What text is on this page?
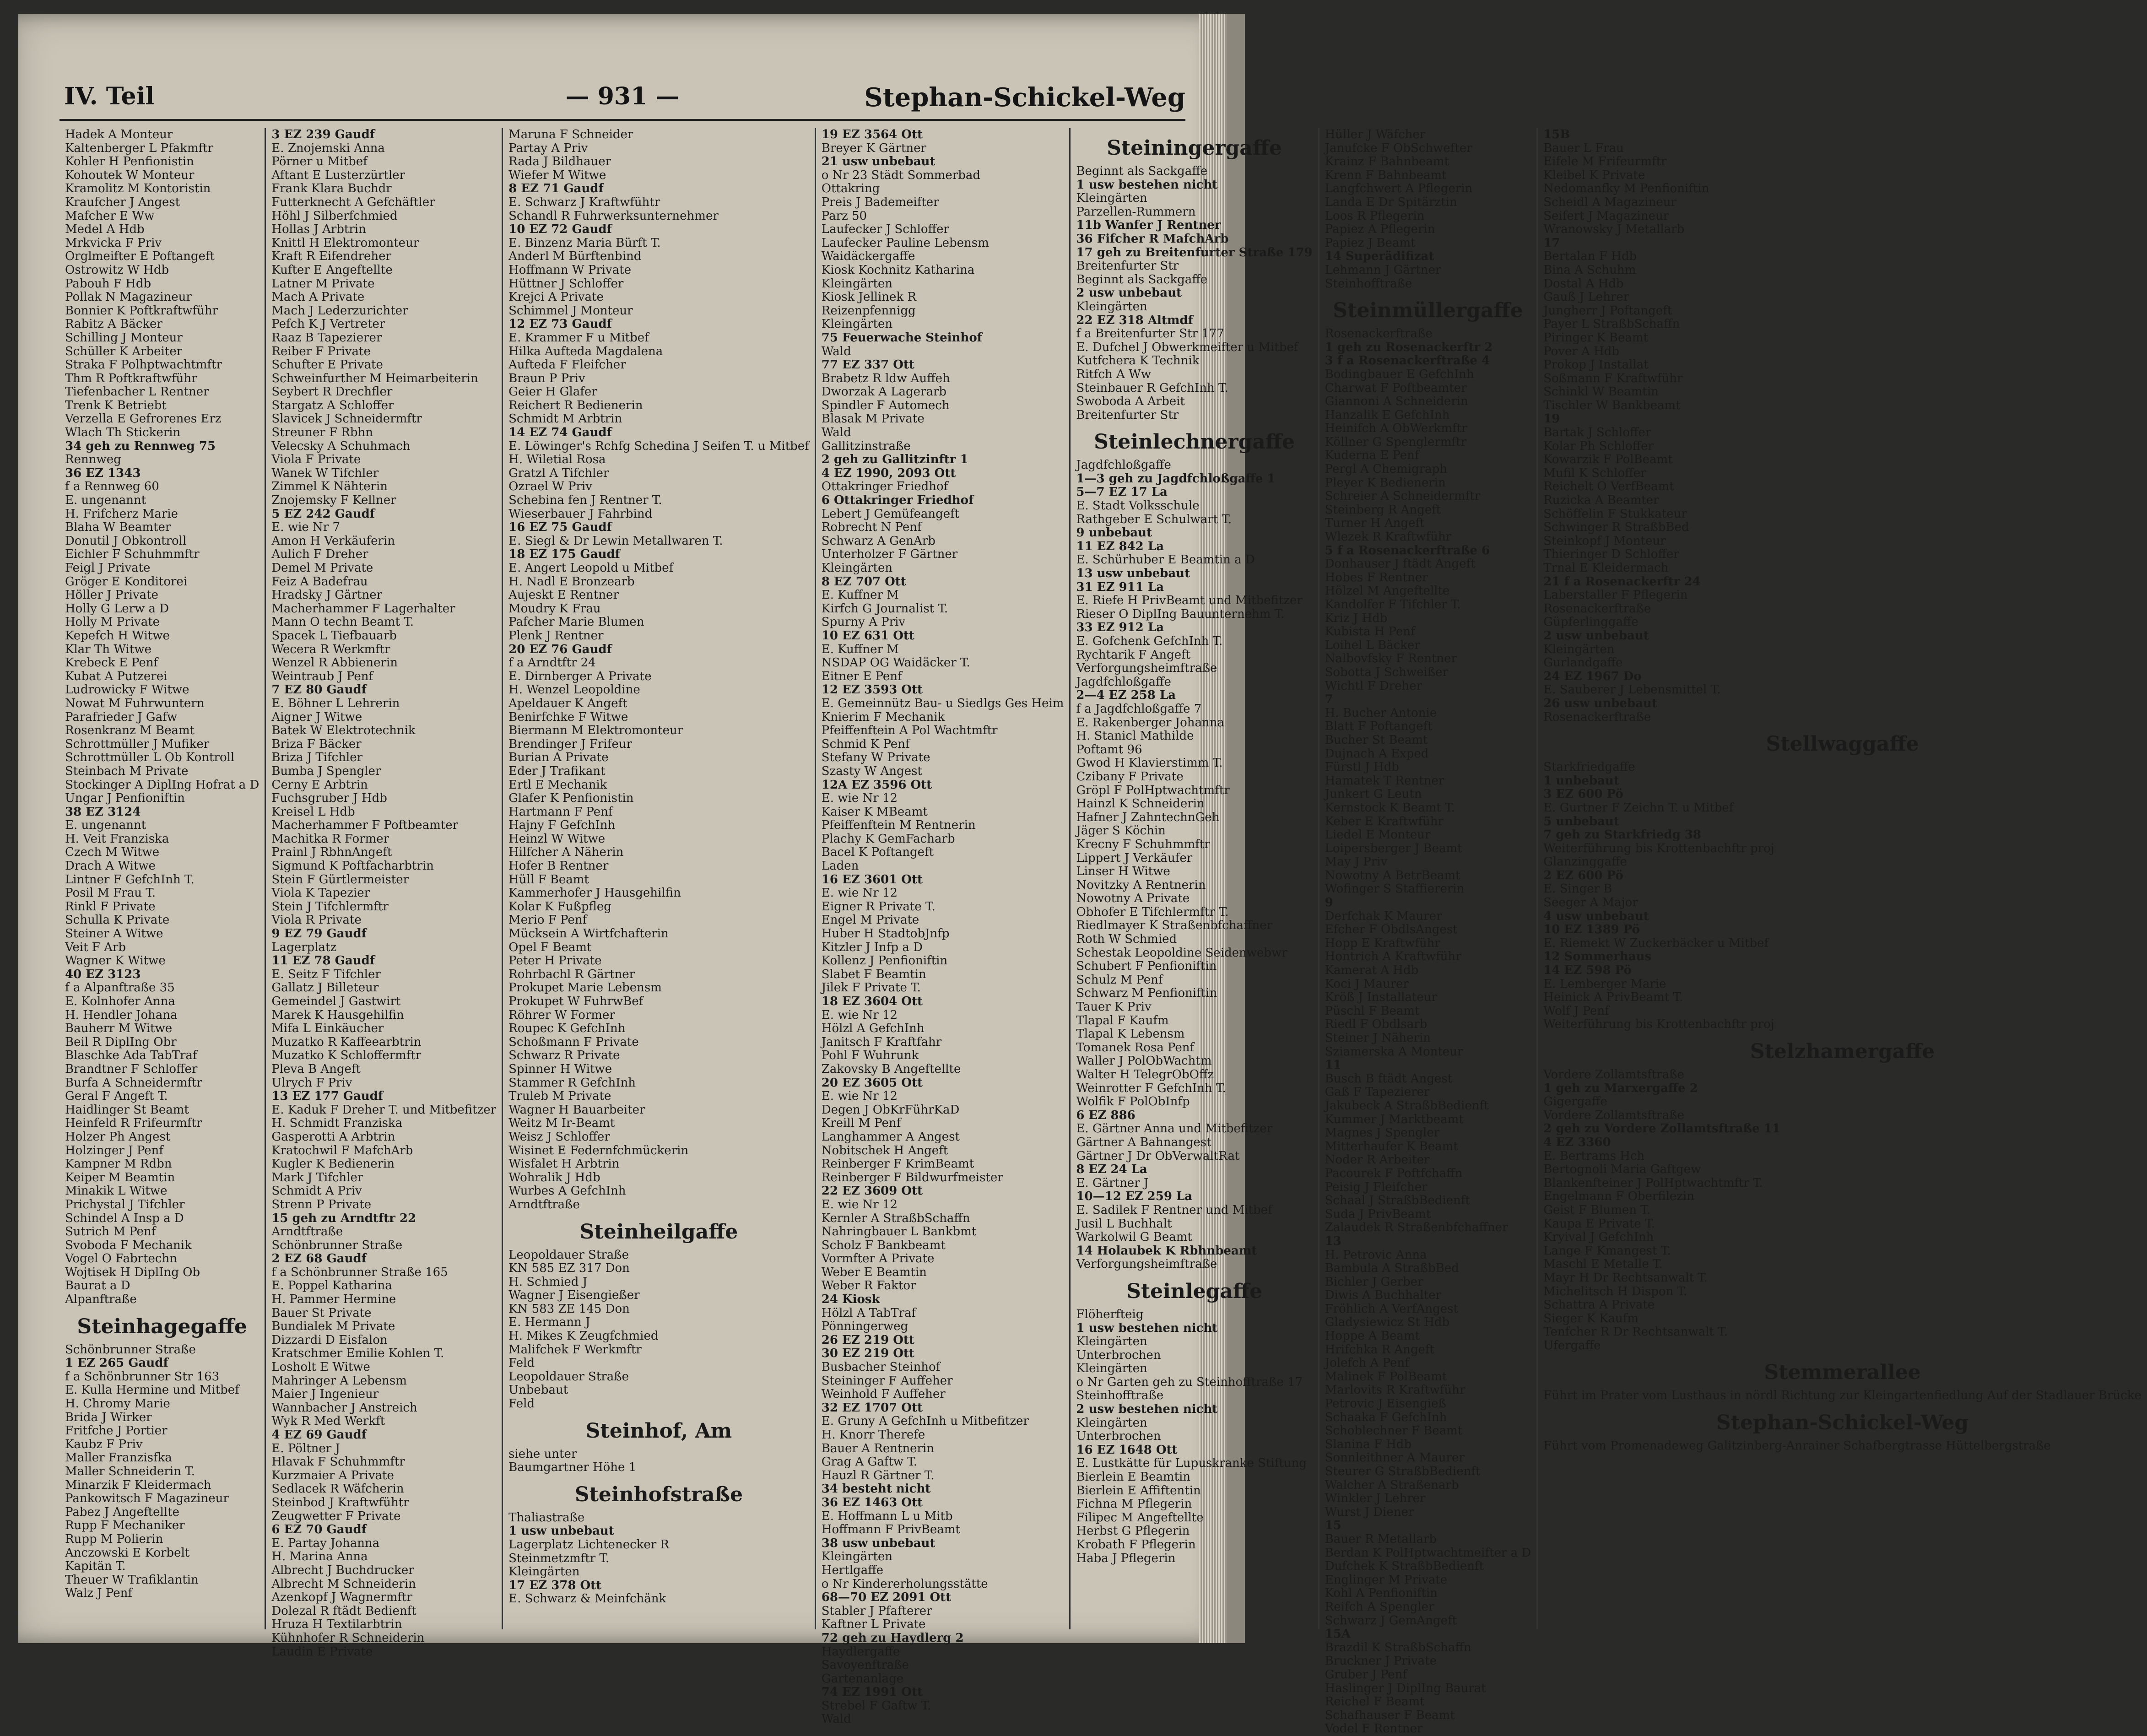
IV. Teil	— 931 —	Stephan-Schickel-Weg
Hadek A Monteur
Kaltenberger L Pfakmftr
Kohler H Penfionistin
Kohoutek W Monteur
Kramolitz M Kontoristin
Kraufcher J Angest
Mafcher E Ww
Medel A Hdb
Mrkvicka F Priv
Orglmeifter E Poftangeft
Ostrowitz W Hdb
Pabouh F Hdb
Pollak N Magazineur
Bonnier K Poftkraftwführ
Rabitz A Bäcker
Schilling J Monteur
Schüller K Arbeiter
Straka F Polhptwachtmftr
Thm R Poftkraftwführ
Tiefenbacher L Rentner
Trenk K Betriebt
Verzella E Gefrorenes Erz
Wlach Th Stickerin
34 geh zu Rennweg 75
Rennweg
36 EZ 1343
f a Rennweg 60
E. ungenannt
H. Frifcherz Marie
Blaha W Beamter
Donutil J Obkontroll
Eichler F Schuhmmftr
Feigl J Private
Gröger E Konditorei
Höller J Private
Holly G Lerw a D
Holly M Private
Kepefch H Witwe
Klar Th Witwe
Krebeck E Penf
Kubat A Putzerei
Ludrowicky F Witwe
Nowat M Fuhrwuntern
Parafrieder J Gafw
Rosenkranz M Beamt
Schrottmüller J Mufiker
Schrottmüller L Ob Kontroll
Steinbach M Private
Stockinger A DiplIng Hofrat a D
Ungar J Penfioniftin
38 EZ 3124
E. ungenannt
H. Veit Franziska
Czech M Witwe
Drach A Witwe
Lintner F GefchInh T.
Posil M Frau T.
Rinkl F Private
Schulla K Private
Steiner A Witwe
Veit F Arb
Wagner K Witwe
40 EZ 3123
f a Alpanftraße 35
E. Kolnhofer Anna
H. Hendler Johana
Bauherr M Witwe
Beil R DiplIng Obr
Blaschke Ada TabTraf
Brandtner F Schloffer
Burfa A Schneidermftr
Geral F Angeft T.
Haidlinger St Beamt
Heinfeld R Frifeurmftr
Holzer Ph Angest
Holzinger J Penf
Kampner M Rdbn
Keiper M Beamtin
Minakik L Witwe
Prichystal J Tifchler
Schindel A Insp a D
Sutrich M Penf
Svoboda F Mechanik
Vogel O Fabrtechn
Wojtisek H DiplIng Ob
Baurat a D
Alpanftraße
Steinhagegaffe
Schönbrunner Straße
1 EZ 265 Gaudf
f a Schönbrunner Str 163
E. Kulla Hermine und Mitbef
H. Chromy Marie
Brida J Wirker
Fritfche J Portier
Kaubz F Priv
Maller Franzisfka
Maller Schneiderin T.
Minarzik F Kleidermach
Pankowitsch F Magazineur
Pabez J Angeftellte
Rupp F Mechaniker
Rupp M Polierin
Anczowski E Korbelt
Kapitän T.
Theuer W Trafiklantin
Walz J Penf
3 EZ 239 Gaudf
E. Znojemski Anna
Pörner u Mitbef
Aftant E Lusterzürtler
Frank Klara Buchdr
Futterknecht A Gefchäftler
Höhl J Silberfchmied
Hollas J Arbtrin
Knittl H Elektromonteur
Kraft R Eifendreher
Kufter E Angeftellte
Latner M Private
Mach A Private
Mach J Lederzurichter
Pefch K J Vertreter
Raaz B Tapezierer
Reiber F Private
Schufter E Private
Schweinfurther M Heimarbeiterin
Seybert R Drechfler
Stargatz A Schloffer
Slavicek J Schneidermftr
Streuner F Rbhn
Velecsky A Schuhmach
Viola F Private
Wanek W Tifchler
Zimmel K Nähterin
Znojemsky F Kellner
5 EZ 242 Gaudf
E. wie Nr 7
Amon H Verkäuferin
Aulich F Dreher
Demel M Private
Feiz A Badefrau
Hradsky J Gärtner
Macherhammer F Lagerhalter
Mann O techn Beamt T.
Spacek L Tiefbauarb
Wecera R Werkmftr
Wenzel R Abbienerin
Weintraub J Penf
7 EZ 80 Gaudf
E. Böhner L Lehrerin
Aigner J Witwe
Batek W Elektrotechnik
Briza F Bäcker
Briza J Tifchler
Bumba J Spengler
Cerny E Arbtrin
Fuchsgruber J Hdb
Kreisel L Hdb
Macherhammer F Poftbeamter
Machitka R Former
Prainl J RbhnAngeft
Sigmund K Poftfacharbtrin
Stein F Gürtlermeister
Viola K Tapezier
Stein J Tifchlermftr
Viola R Private
9 EZ 79 Gaudf
Lagerplatz
11 EZ 78 Gaudf
E. Seitz F Tifchler
Gallatz J Billeteur
Gemeindel J Gastwirt
Marek K Hausgehilfin
Mifa L Einkäucher
Muzatko R Kaffeearbtrin
Muzatko K Schloffermftr
Pleva B Angeft
Ulrych F Priv
13 EZ 177 Gaudf
E. Kaduk F Dreher T. und Mitbefitzer
H. Schmidt Franziska
Gasperotti A Arbtrin
Kratochwil F MafchArb
Kugler K Bedienerin
Mark J Tifchler
Schmidt A Priv
Strenn P Private
15 geh zu Arndtftr 22
Arndtftraße
Schönbrunner Straße
2 EZ 68 Gaudf
f a Schönbrunner Straße 165
E. Poppel Katharina
H. Pammer Hermine
Bauer St Private
Bundialek M Private
Dizzardi D Eisfalon
Kratschmer Emilie Kohlen T.
Losholt E Witwe
Mahringer A Lebensm
Maier J Ingenieur
Wannbacher J Anstreich
Wyk R Med Werkft
4 EZ 69 Gaudf
E. Pöltner J
Hlavak F Schuhmmftr
Kurzmaier A Private
Sedlacek R Wäfcherin
Steinbod J Kraftwfühtr
Zeugwetter F Private
6 EZ 70 Gaudf
E. Partay Johanna
H. Marina Anna
Albrecht J Buchdrucker
Albrecht M Schneiderin
Azenkopf J Wagnermftr
Dolezal R ftädt Bedienft
Hruza H Textilarbtrin
Kühnhofer R Schneiderin
Laudin E Private
Maruna F Schneider
Partay A Priv
Rada J Bildhauer
Wiefer M Witwe
8 EZ 71 Gaudf
E. Schwarz J Kraftwfühtr
Schandl R Fuhrwerksunternehmer
10 EZ 72 Gaudf
E. Binzenz Maria Bürft T.
Anderl M Bürftenbind
Hoffmann W Private
Hüttner J Schloffer
Krejci A Private
Schimmel J Monteur
12 EZ 73 Gaudf
E. Krammer F u Mitbef
Hilka Aufteda Magdalena
Aufteda F Fleifcher
Braun P Priv
Geier H Glafer
Reichert R Bedienerin
Schmidt M Arbtrin
14 EZ 74 Gaudf
E. Löwinger's Rchfg Schedina J Seifen T. u Mitbef
H. Wiletial Rosa
Gratzl A Tifchler
Ozrael W Priv
Schebina fen J Rentner T.
Wieserbauer J Fahrbind
16 EZ 75 Gaudf
E. Siegl & Dr Lewin Metallwaren T.
18 EZ 175 Gaudf
E. Angert Leopold u Mitbef
H. Nadl E Bronzearb
Aujeskt E Rentner
Moudry K Frau
Pafcher Marie Blumen
Plenk J Rentner
20 EZ 76 Gaudf
f a Arndtftr 24
E. Dirnberger A Private
H. Wenzel Leopoldine
Apeldauer K Angeft
Benirfchke F Witwe
Biermann M Elektromonteur
Brendinger J Frifeur
Burian A Private
Eder J Trafikant
Ertl E Mechanik
Glafer K Penfionistin
Hartmann F Penf
Hajny F GefchInh
Heinzl W Witwe
Hilfcher A Näherin
Hofer B Rentner
Hüll F Beamt
Kammerhofer J Hausgehilfin
Kolar K Fußpfleg
Merio F Penf
Mücksein A Wirtfchafterin
Opel F Beamt
Peter H Private
Rohrbachl R Gärtner
Prokupet Marie Lebensm
Prokupet W FuhrwBef
Röhrer W Former
Roupec K GefchInh
Schoßmann F Private
Schwarz R Private
Spinner H Witwe
Stammer R GefchInh
Truleb M Private
Wagner H Bauarbeiter
Weitz M Ir-Beamt
Weisz J Schloffer
Wisinet E Federnfchmückerin
Wisfalet H Arbtrin
Wohralik J Hdb
Wurbes A GefchInh
Arndtftraße
Steinheilgaffe
Leopoldauer Straße
KN 585 EZ 317 Don
H. Schmied J
Wagner J Eisengießer
KN 583 ZE 145 Don
E. Hermann J
H. Mikes K Zeugfchmied
Malifchek F Werkmftr
Feld
Leopoldauer Straße
Unbebaut
Feld
Steinhof, Am
siehe unter
Baumgartner Höhe 1
Steinhofstraße
Thaliastraße
1 usw unbebaut
Lagerplatz Lichtenecker R
Steinmetzmftr T.
Kleingärten
17 EZ 378 Ott
E. Schwarz & Meinfchänk
19 EZ 3564 Ott
Breyer K Gärtner
21 usw unbebaut
o Nr 23 Städt Sommerbad
Ottakring
Preis J Bademeifter
Parz 50
Laufecker J Schloffer
Laufecker Pauline Lebensm
Waidäckergaffe
Kiosk Kochnitz Katharina
Kleingärten
Kiosk Jellinek R
Reizenpfennigg
Kleingärten
75 Feuerwache Steinhof
Wald
77 EZ 337 Ott
Brabetz R ldw Auffeh
Dworzak A Lagerarb
Spindler F Automech
Blasak M Private
Wald
Gallitzinstraße
2 geh zu Gallitzinftr 1
4 EZ 1990, 2093 Ott
Ottakringer Friedhof
6 Ottakringer Friedhof
Lebert J Gemüfeangeft
Robrecht N Penf
Schwarz A GenArb
Unterholzer F Gärtner
Kleingärten
8 EZ 707 Ott
E. Kuffner M
Kirfch G Journalist T.
Spurny A Priv
10 EZ 631 Ott
E. Kuffner M
NSDAP OG Waidäcker T.
Eitner E Penf
12 EZ 3593 Ott
E. Gemeinnütz Bau- u Siedlgs Ges Heim
Knierim F Mechanik
Pfeiffenftein A Pol Wachtmftr
Schmid K Penf
Stefany W Private
Szasty W Angest
12A EZ 3596 Ott
E. wie Nr 12
Kaiser K MBeamt
Pfeiffenftein M Rentnerin
Plachy K GemFacharb
Bacel K Poftangeft
Laden
16 EZ 3601 Ott
E. wie Nr 12
Eigner R Private T.
Engel M Private
Huber H StadtobJnfp
Kitzler J Infp a D
Kollenz J Penfioniftin
Slabet F Beamtin
Jilek F Private T.
18 EZ 3604 Ott
E. wie Nr 12
Hölzl A GefchInh
Janitsch F Kraftfahr
Pohl F Wuhrunk
Zakovsky B Angeftellte
20 EZ 3605 Ott
E. wie Nr 12
Degen J ObKrFührKaD
Kreill M Penf
Langhammer A Angest
Nobitschek H Angeft
Reinberger F KrimBeamt
Reinberger F Bildwurfmeister
22 EZ 3609 Ott
E. wie Nr 12
Kernler A StraßbSchaffn
Nahringbauer L Bankbmt
Scholz F Bankbeamt
Vormfter A Private
Weber E Beamtin
Weber R Faktor
24 Kiosk
Hölzl A TabTraf
Pönningerweg
26 EZ 219 Ott
30 EZ 219 Ott
Busbacher Steinhof
Steininger F Auffeher
Weinhold F Auffeher
32 EZ 1707 Ott
E. Gruny A GefchInh u Mitbefitzer
H. Knorr Therefe
Bauer A Rentnerin
Grag A Gaftw T.
Hauzl R Gärtner T.
34 besteht nicht
36 EZ 1463 Ott
E. Hoffmann L u Mitb
Hoffmann F PrivBeamt
38 usw unbebaut
Kleingärten
Hertlgaffe
o Nr Kindererholungsstätte
68—70 EZ 2091 Ott
Stabler J Pfafterer
Kaftner L Private
72 geh zu Haydlerg 2
Haydlergaffe
Savoyenftraße
Gartenanlage
74 EZ 1991 Ott
Strebel F Gaftw T.
Wald
Steiningergaffe
Beginnt als Sackgaffe
1 usw bestehen nicht
Kleingärten
Parzellen-Rummern
11b Wanfer J Rentner
36 Fifcher R MafchArb
17 geh zu Breitenfurter Straße 179
Breitenfurter Str
Beginnt als Sackgaffe
2 usw unbebaut
Kleingärten
22 EZ 318 Altmdf
f a Breitenfurter Str 177
E. Dufchel J Obwerkmeifter u Mitbef
Kutfchera K Technik
Ritfch A Ww
Steinbauer R GefchInh T.
Swoboda A Arbeit
Breitenfurter Str
Steinlechnergaffe
Jagdfchloßgaffe
1—3 geh zu Jagdfchloßgaffe 1
5—7 EZ 17 La
E. Stadt Volksschule
Rathgeber E Schulwart T.
9 unbebaut
11 EZ 842 La
E. Schürhuber E Beamtin a D
13 usw unbebaut
31 EZ 911 La
E. Riefe H PrivBeamt und Mitbefitzer
Rieser O DiplIng Bauunternehm T.
33 EZ 912 La
E. Gofchenk GefchInh T.
Rychtarik F Angeft
Verforgungsheimftraße
Jagdfchloßgaffe
2—4 EZ 258 La
f a Jagdfchloßgaffe 7
E. Rakenberger Johanna
H. Stanicl Mathilde
Poftamt 96
Gwod H Klavierstimm T.
Czibany F Private
Gröpl F PolHptwachtmftr
Hainzl K Schneiderin
Hafner J ZahntechnGeh
Jäger S Köchin
Krecny F Schuhmmftr
Lippert J Verkäufer
Linser H Witwe
Novitzky A Rentnerin
Nowotny A Private
Obhofer E Tifchlermftr T.
Riedlmayer K Straßenbfchaffner
Roth W Schmied
Schestak Leopoldine Seidenwebwr
Schubert F Penfioniftin
Schulz M Penf
Schwarz M Penfioniftin
Tauer K Priv
Tlapal F Kaufm
Tlapal K Lebensm
Tomanek Rosa Penf
Waller J PolObWachtm
Walter H TelegrObOffz
Weinrotter F GefchInh T.
Wolfik F PolObInfp
6 EZ 886
E. Gärtner Anna und Mitbefitzer
Gärtner A Bahnangest
Gärtner J Dr ObVerwaltRat
8 EZ 24 La
E. Gärtner J
10—12 EZ 259 La
E. Sadilek F Rentner und Mitbef
Jusil L Buchhalt
Warkolwil G Beamt
14 Holaubek K Rbhnbeamt
Verforgungsheimftraße
Steinlegaffe
Flöherfteig
1 usw bestehen nicht
Kleingärten
Unterbrochen
Kleingärten
o Nr Garten geh zu Steinhofftraße 17
Steinhofftraße
2 usw bestehen nicht
Kleingärten
Unterbrochen
16 EZ 1648 Ott
E. Lustkätte für Lupuskranke Stiftung
Bierlein E Beamtin
Bierlein E Affiftentin
Fichna M Pflegerin
Filipec M Angeftellte
Herbst G Pflegerin
Krobath F Pflegerin
Haba J Pflegerin
Hüller J Wäfcher
Janufcke F ObSchwefter
Krainz F Bahnbeamt
Krenn F Bahnbeamt
Langfchwert A Pflegerin
Landa E Dr Spitärztin
Loos R Pflegerin
Papiez A Pflegerin
Papiez J Beamt
14 Superädifizat
Lehmann J Gärtner
Steinhofftraße
Steinmüllergaffe
Rosenackerftraße
1 geh zu Rosenackerftr 2
3 f a Rosenackerftraße 4
Bodingbauer E GefchInh
Charwat F Poftbeamter
Giannoni A Schneiderin
Hanzalik E GefchInh
Heinifch A ObWerkmftr
Köllner G Spenglermftr
Kuderna E Penf
Pergl A Chemigraph
Pleyer K Bedienerin
Schreier A Schneidermftr
Steinberg R Angeft
Turner H Angeft
Wlezek R Kraftwführ
5 f a Rosenackerftraße 6
Donhauser J ftädt Angeft
Hobes F Rentner
Hölzel M Angeftellte
Kandolfer F Tifchler T.
Kriz J Hdb
Kubista H Penf
Loihel L Bäcker
Nalbovfsky F Rentner
Sobotta J Schweißer
Wichtl F Dreher
7
H. Bucher Antonie
Blatt F Poftangeft
Bucher St Beamt
Dujnach A Exped
Fürstl J Hdb
Hamatek T Rentner
Junkert G Leutn
Kernstock K Beamt T.
Keber E Kraftwführ
Liedel E Monteur
Loipersberger J Beamt
May J Priv
Nowotny A BetrBeamt
Wofinger S Staffiererin
9
Derfchak K Maurer
Efcher F ObdlsAngest
Hopp E Kraftwführ
Hontrich A Kraftwführ
Kamerat A Hdb
Koci J Maurer
Kröß J Installateur
Püschl F Beamt
Riedl F Obdlsarb
Steiner J Näherin
Sziamerska A Monteur
11
Busch B ftädt Angest
Gaß F Tapezierer
Jakubeck A StraßbBedienft
Kummer J Marktbeamt
Magnes J Spengler
Mitterhaufer K Beamt
Noder R Arbeiter
Pacourek F Poftfchaffn
Peisig J Fleifcher
Schaal J StraßbBedienft
Suda J PrivBeamt
Zalaudek R Straßenbfchaffner
13
H. Petrovic Anna
Bambula A StraßbBed
Bichler J Gerber
Diwis A Buchhalter
Fröhlich A VerfAngest
Gladysiewicz St Hdb
Hoppe A Beamt
Hrifchka R Angeft
Jolefch A Penf
Malinek F PolBeamt
Marlovits R Kraftwführ
Petrovic J Eisengieß
Schaaka F GefchInh
Schoblechner F Beamt
Slanina F Hdb
Sonnleithner A Maurer
Steurer G StraßbBedienft
Walcher A Straßenarb
Winkler J Lehrer
Wurst J Diener
15
Bauer R Metallarb
Berdan K PolHptwachtmeifter a D
Dufchek K StraßbBedienft
Englinger M Private
Kohl A Penfioniftin
Reifch A Spengler
Schwarz J GemAngeft
15A
Brazdil K StraßbSchaffn
Bruckner J Private
Gruber J Penf
Haslinger J DiplIng Baurat
Reichel F Beamt
Schafhauser F Beamt
Vodel F Rentner
15B
Bauer L Frau
Eifele M Frifeurmftr
Kleibel K Private
Nedomanfky M Penfioniftin
Scheidl A Magazineur
Seifert J Magazineur
Wranowsky J Metallarb
17
Bertalan F Hdb
Bina A Schuhm
Dostal A Hdb
Gauß J Lehrer
Jungherr J Poftangeft
Payer L StraßbSchaffn
Piringer K Beamt
Pover A Hdb
Prokop J Installat
Soßmann F Kraftwführ
Schinkl W Beamtin
Tischler W Bankbeamt
19
Bartak J Schloffer
Kolar Ph Schloffer
Kowarzik F PolBeamt
Mufil K Schloffer
Reichelt O VerfBeamt
Ruzicka A Beamter
Schöffelin F Stukkateur
Schwinger R StraßbBed
Steinkopf J Monteur
Thieringer D Schloffer
Trnal E Kleidermach
21 f a Rosenackerftr 24
Laberstaller F Pflegerin
Rosenackerftraße
Güpferlinggaffe
2 usw unbebaut
Kleingärten
Gurlandgaffe
24 EZ 1967 Do
E. Sauberer J Lebensmittel T.
26 usw unbebaut
Rosenackerftraße
Stellwaggaffe
Starkfriedgaffe
1 unbebaut
3 EZ 600 Pö
E. Gurtner F Zeichn T. u Mitbef
5 unbebaut
7 geh zu Starkfriedg 38
Weiterführung bis Krottenbachftr proj
Glanzinggaffe
2 EZ 600 Pö
E. Singer B
Seeger A Major
4 usw unbebaut
10 EZ 1389 Pö
E. Riemekt W Zuckerbäcker u Mitbef
12 Sommerhaus
14 EZ 598 Pö
E. Lemberger Marie
Heinick A PrivBeamt T.
Wolf J Penf
Weiterführung bis Krottenbachftr proj
Stelzhamergaffe
Vordere Zollamtsftraße
1 geh zu Marxergaffe 2
Gigergaffe
Vordere Zollamtsftraße
2 geh zu Vordere Zollamtsftraße 11
4 EZ 3360
E. Bertrams Hch
Bertognoli Maria Gaftgew
Blankenfteiner J PolHptwachtmftr T.
Engelmann F Oberfilezin
Geist F Blumen T.
Kaupa E Private T.
Kryival J GefchInh
Lange F Kmangest T.
Maschl E Metalle T.
Mayr H Dr Rechtsanwalt T.
Michelitsch H Dispon T.
Schattra A Private
Sieger K Kaufm
Tenfcher R Dr Rechtsanwalt T.
Ufergaffe
Stemmerallee
Führt im Prater vom Lusthaus in nördl Richtung zur Kleingartenfiedlung Auf der Stadlauer Brücke
Stephan-Schickel-Weg
Führt vom Promenadeweg Galitzinberg-Anrainer Schafbergtrasse Hüttelbergstraße
